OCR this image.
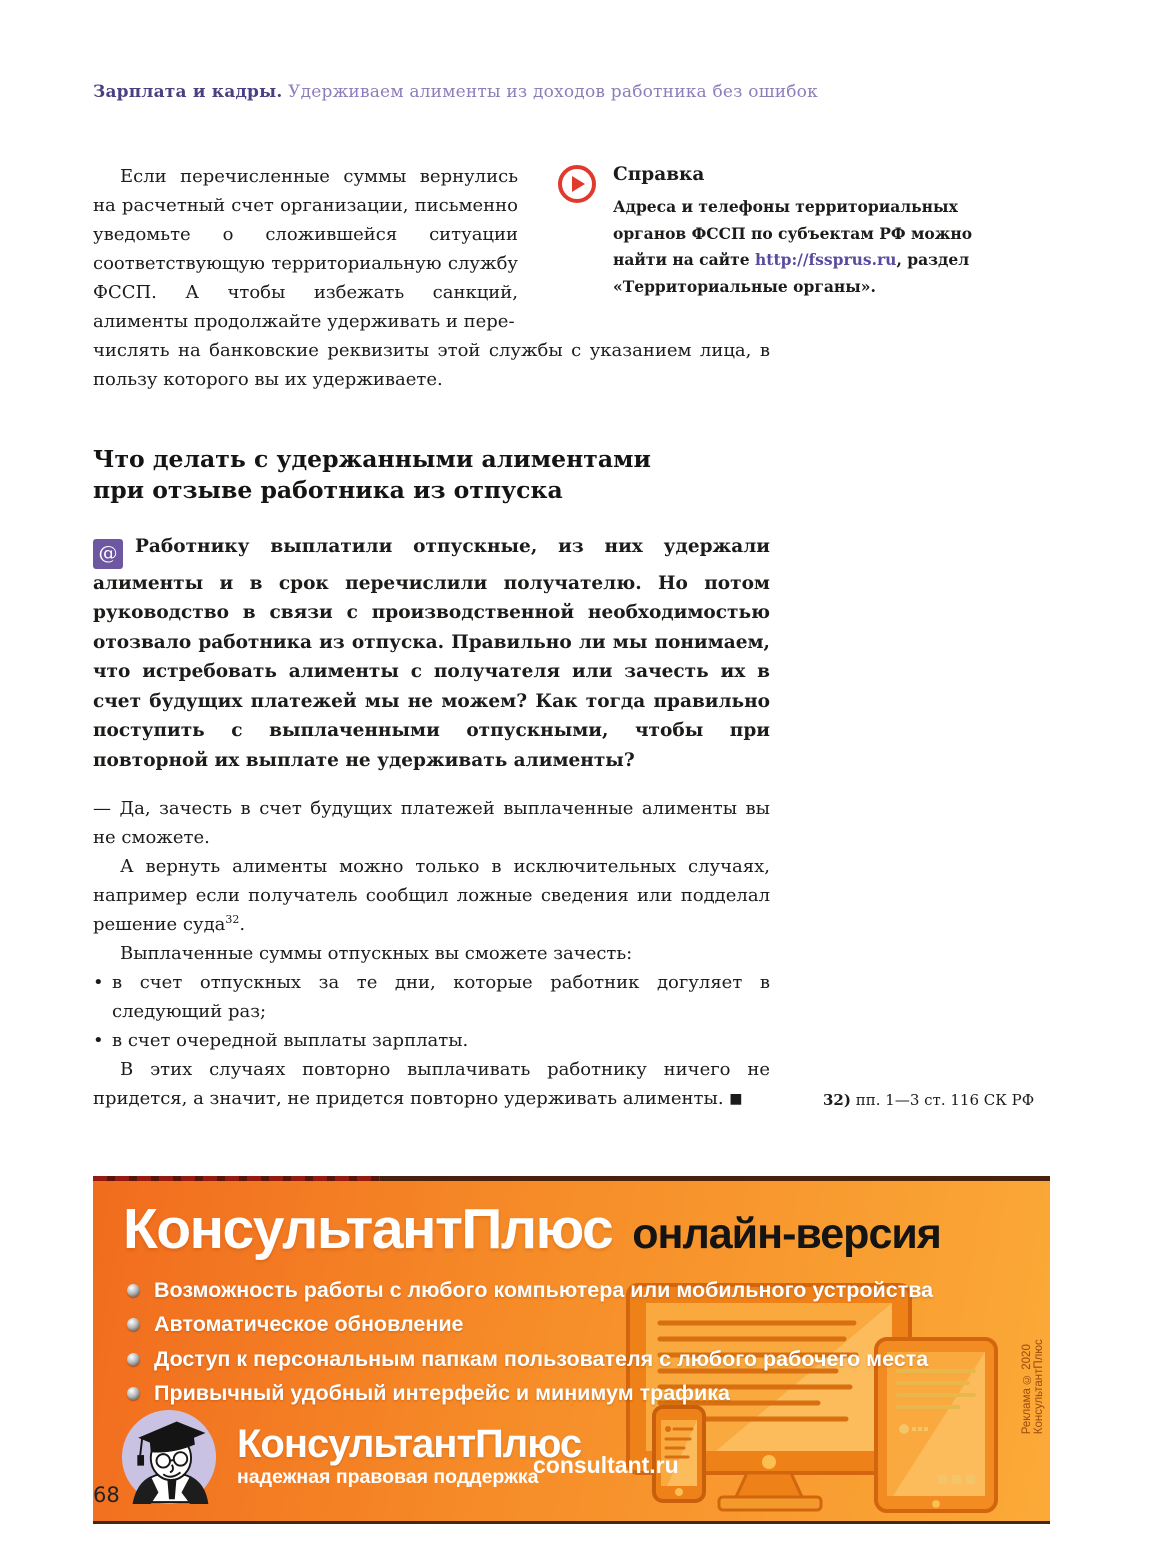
Зарплата и кадры. Удерживаем алименты из доходов работника без ошибок

Если перечисленные суммы вернулись на расчетный счет организации, письменно уведомьте о сложившейся ситуации соответствующую территориальную службу ФССП. А чтобы избежать санкций, алименты продолжайте удерживать и пере-

Справка
Адреса и телефоны территориальных органов ФССП по субъектам РФ можно найти на сайте http://fssprus.ru, раздел «Территориальные органы».

числять на банковские реквизиты этой службы с указанием лица, в пользу которого вы их удерживаете.

Что делать с удержанными алиментами
при отзыве работника из отпуска

@ Работнику выплатили отпускные, из них удержали алименты и в срок перечислили получателю. Но потом руководство в связи с производственной необходимостью отозвало работника из отпуска. Правильно ли мы понимаем, что истребовать алименты с получателя или зачесть их в счет будущих платежей мы не можем? Как тогда правильно поступить с выплаченными отпускными, чтобы при повторной их выплате не удерживать алименты?

— Да, зачесть в счет будущих платежей выплаченные алименты вы не сможете.

А вернуть алименты можно только в исключительных случаях, например если получатель сообщил ложные сведения или подделал решение суда$^{32}$.

Выплаченные суммы отпускных вы сможете зачесть:

• в счет отпускных за те дни, которые работник догуляет в следующий раз;
• в счет очередной выплаты зарплаты.

В этих случаях повторно выплачивать работнику ничего не придется, а значит, не придется повторно удерживать алименты. ■	32) пп. 1—3 ст. 116 СК РФ
КонсультантПлюс онлайн-версия
Возможность работы с любого компьютера или мобильного устройства
Автоматическое обновление
Доступ к персональным папкам пользователя с любого рабочего места
Привычный удобный интерфейс и минимум трафика
КонсультантПлюс
надежная правовая поддержка
consultant.ru
Реклама © 2020 КонсультантПлюс
68
